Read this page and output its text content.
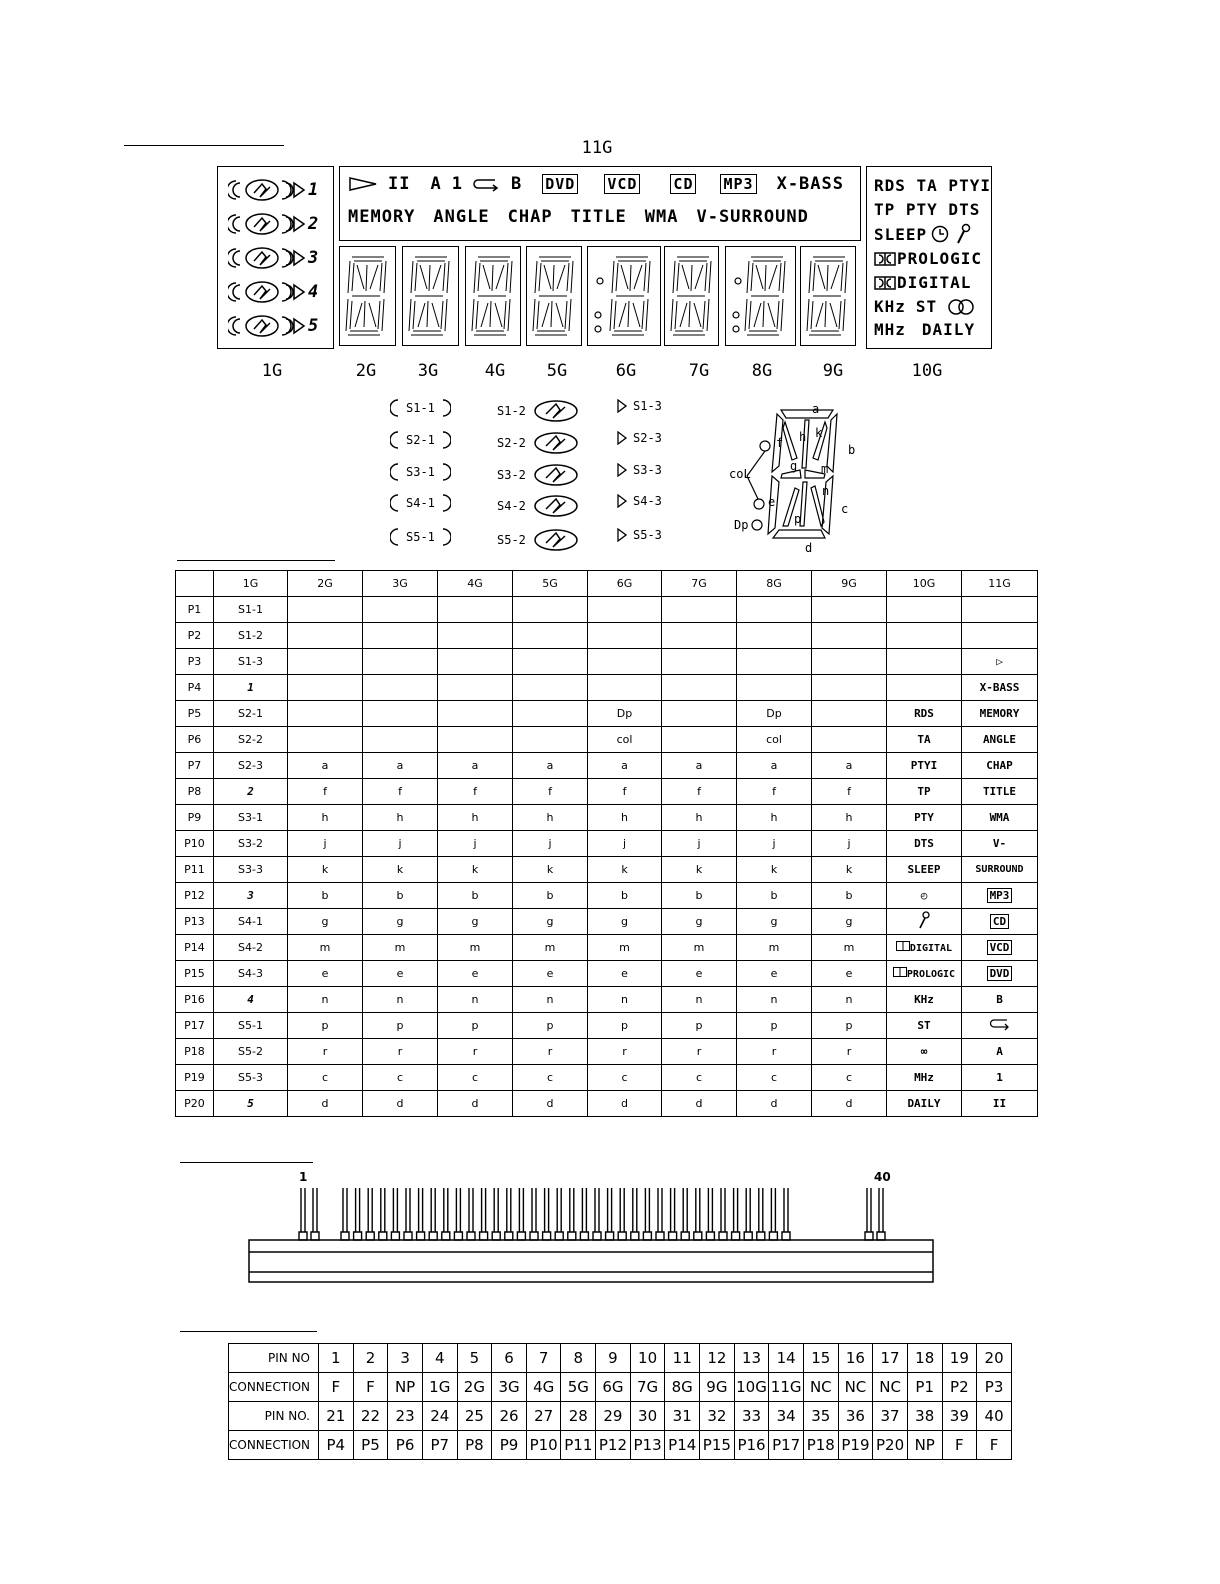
11G
1
2
3
4
5
II A 1	B DVD VCD CD MP3 X-BASS
MEMORY ANGLE CHAP TITLE WMA V-SURROUND
RDS TA PTYI
TP PTY DTS
SLEEP
PROLOGIC
DIGITAL
KHz ST
MHz DAILY
1G	2G 3G	4G 5G	6G	7G	8G	9G	10G
S1-1
S2-1
S3-1
S4-1
S5-1
S1-2
S2-2
S3-2
S4-2
S5-2
S1-3
S2-3
S3-3
S4-3
S5-3
a
b
c
d
e
f
g
h k
m
n
p
coL
Dp
	1G	2G	3G	4G	5G	6G	7G	8G	9G	10G	11G
P1	S1-1										
P2	S1-2										
P3	S1-3										▷
P4	1										X-BASS
P5	S2-1					Dp		Dp		RDS	MEMORY
P6	S2-2					col		col		TA	ANGLE
P7	S2-3	a	a	a	a	a	a	a	a	PTYI	CHAP
P8	2	f	f	f	f	f	f	f	f	TP	TITLE
P9	S3-1	h	h	h	h	h	h	h	h	PTY	WMA
P10	S3-2	j	j	j	j	j	j	j	j	DTS	V-
P11	S3-3	k	k	k	k	k	k	k	k	SLEEP	SURROUND
P12	3	b	b	b	b	b	b	b	b	◴	MP3
P13	S4-1	g	g	g	g	g	g	g	g		CD
P14	S4-2	m	m	m	m	m	m	m	m	DIGITAL	VCD
P15	S4-3	e	e	e	e	e	e	e	e	PROLOGIC	DVD
P16	4	n	n	n	n	n	n	n	n	KHz	B
P17	S5-1	p	p	p	p	p	p	p	p	ST	
P18	S5-2	r	r	r	r	r	r	r	r	∞	A
P19	S5-3	c	c	c	c	c	c	c	c	MHz	1
P20	5	d	d	d	d	d	d	d	d	DAILY	II
1	40
PIN NO	1	2	3	4	5	6	7	8	9	10	11	12	13	14	15	16	17	18	19	20
CONNECTION	F	F	NP	1G	2G	3G	4G	5G	6G	7G	8G	9G	10G	11G	NC	NC	NC	P1	P2	P3
PIN NO.	21	22	23	24	25	26	27	28	29	30	31	32	33	34	35	36	37	38	39	40
CONNECTION	P4	P5	P6	P7	P8	P9	P10	P11	P12	P13	P14	P15	P16	P17	P18	P19	P20	NP	F	F
